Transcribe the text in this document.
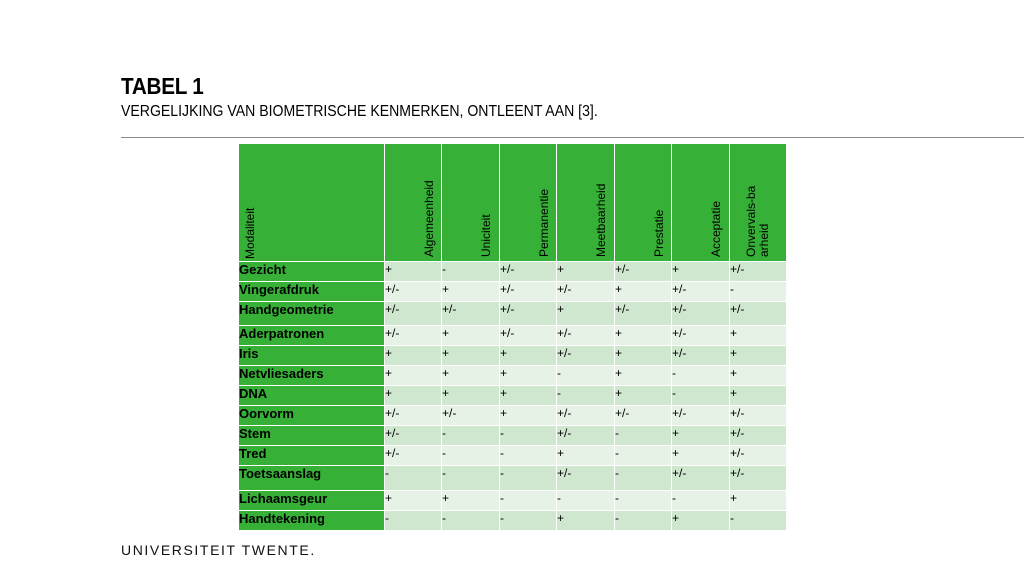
TABEL 1

VERGELIJKING VAN BIOMETRISCHE KENMERKEN, ONTLEENT AAN [3].

Modaliteit	Algemeenheid	Uniciteit	Permanentie	Meetbaarheid	Prestatie	Acceptatie	Onvervals-baarheid

Gezicht	+	-	+/-	+	+/-	+	+/-
Vingerafdruk	+/-	+	+/-	+/-	+	+/-	-
Handgeometrie	+/-	+/-	+/-	+	+/-	+/-	+/-
Aderpatronen	+/-	+	+/-	+/-	+	+/-	+
Iris	+	+	+	+/-	+	+/-	+
Netvliesaders	+	+	+	-	+	-	+
DNA	+	+	+	-	+	-	+
Oorvorm	+/-	+/-	+	+/-	+/-	+/-	+/-
Stem	+/-	-	-	+/-	-	+	+/-
Tred	+/-	-	-	+	-	+	+/-
Toetsaanslag	-	-	-	+/-	-	+/-	+/-
Lichaamsgeur	+	+	-	-	-	-	+
Handtekening	-	-	-	+	-	+	-
UNIVERSITEIT TWENTE.
